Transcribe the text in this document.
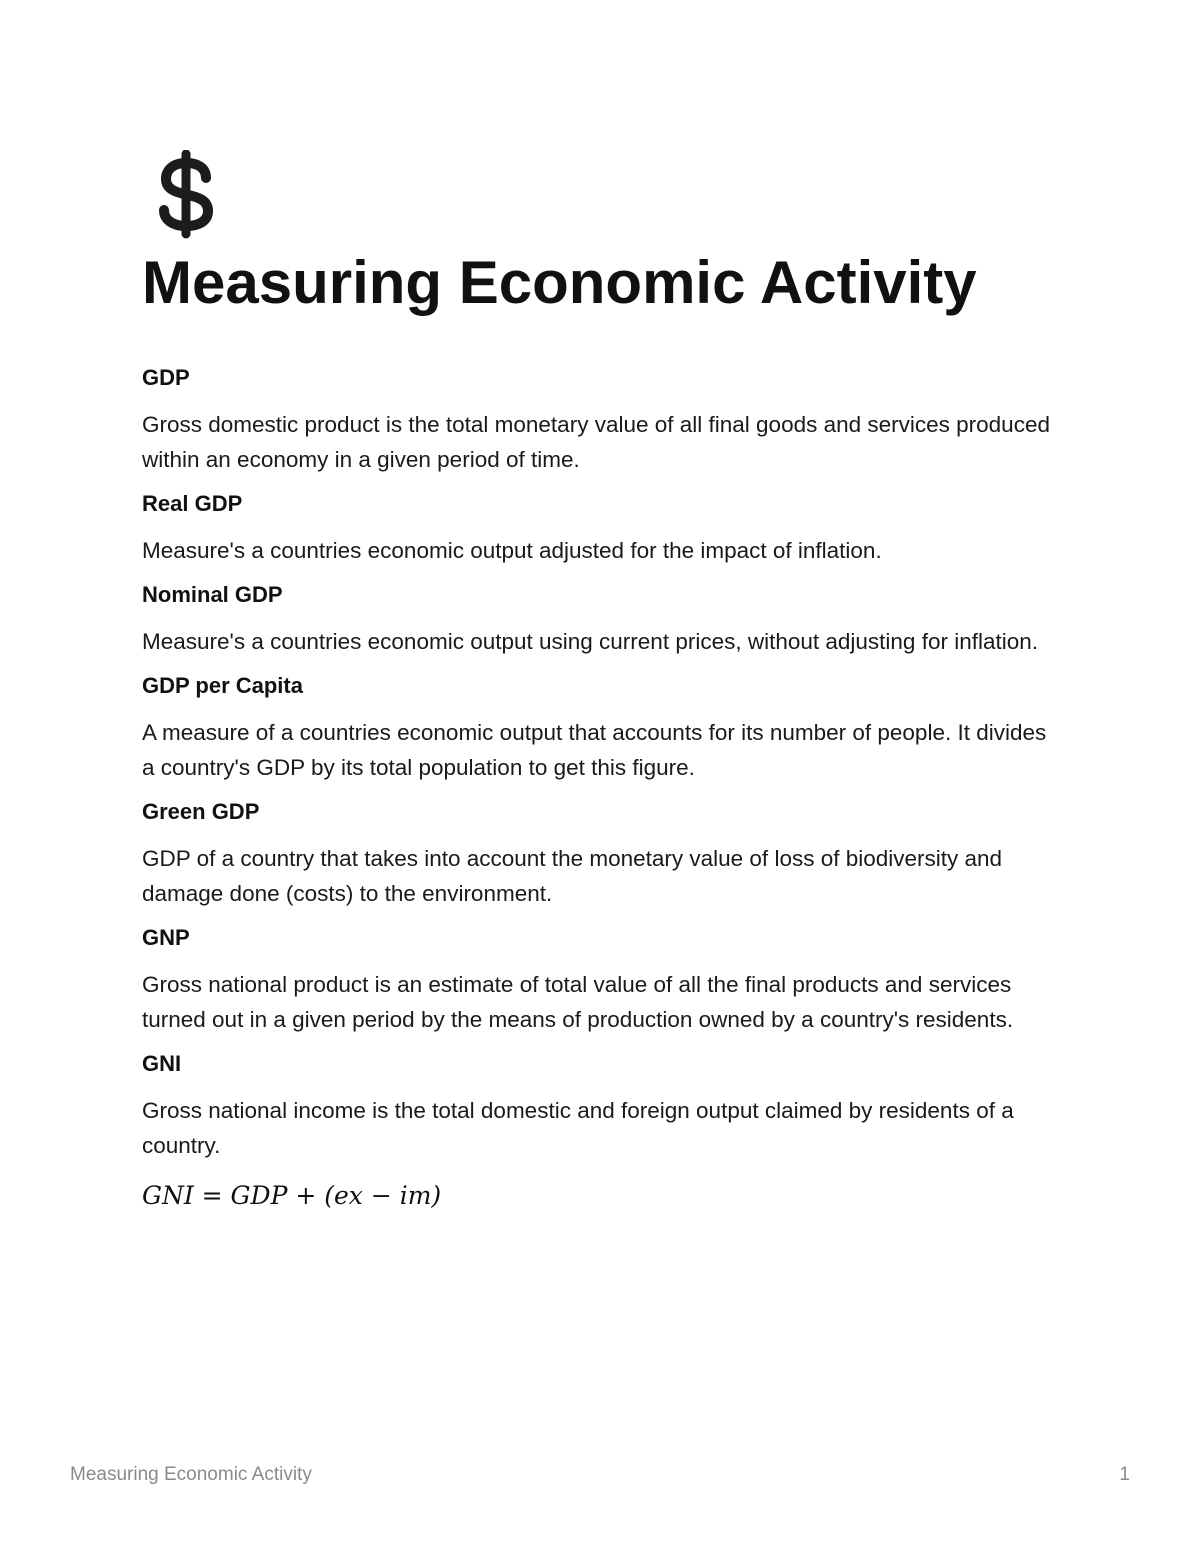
Measuring Economic Activity

GDP

Gross domestic product is the total monetary value of all final goods and services produced within an economy in a given period of time.

Real GDP

Measure's a countries economic output adjusted for the impact of inflation.

Nominal GDP

Measure's a countries economic output using current prices, without adjusting for inflation.

GDP per Capita

A measure of a countries economic output that accounts for its number of people. It divides a country's GDP by its total population to get this figure.

Green GDP

GDP of a country that takes into account the monetary value of loss of biodiversity and damage done (costs) to the environment.

GNP

Gross national product is an estimate of total value of all the final products and services turned out in a given period by the means of production owned by a country's residents.

GNI

Gross national income is the total domestic and foreign output claimed by residents of a country.

GNI = GDP + (ex − im)
Measuring Economic Activity	1
